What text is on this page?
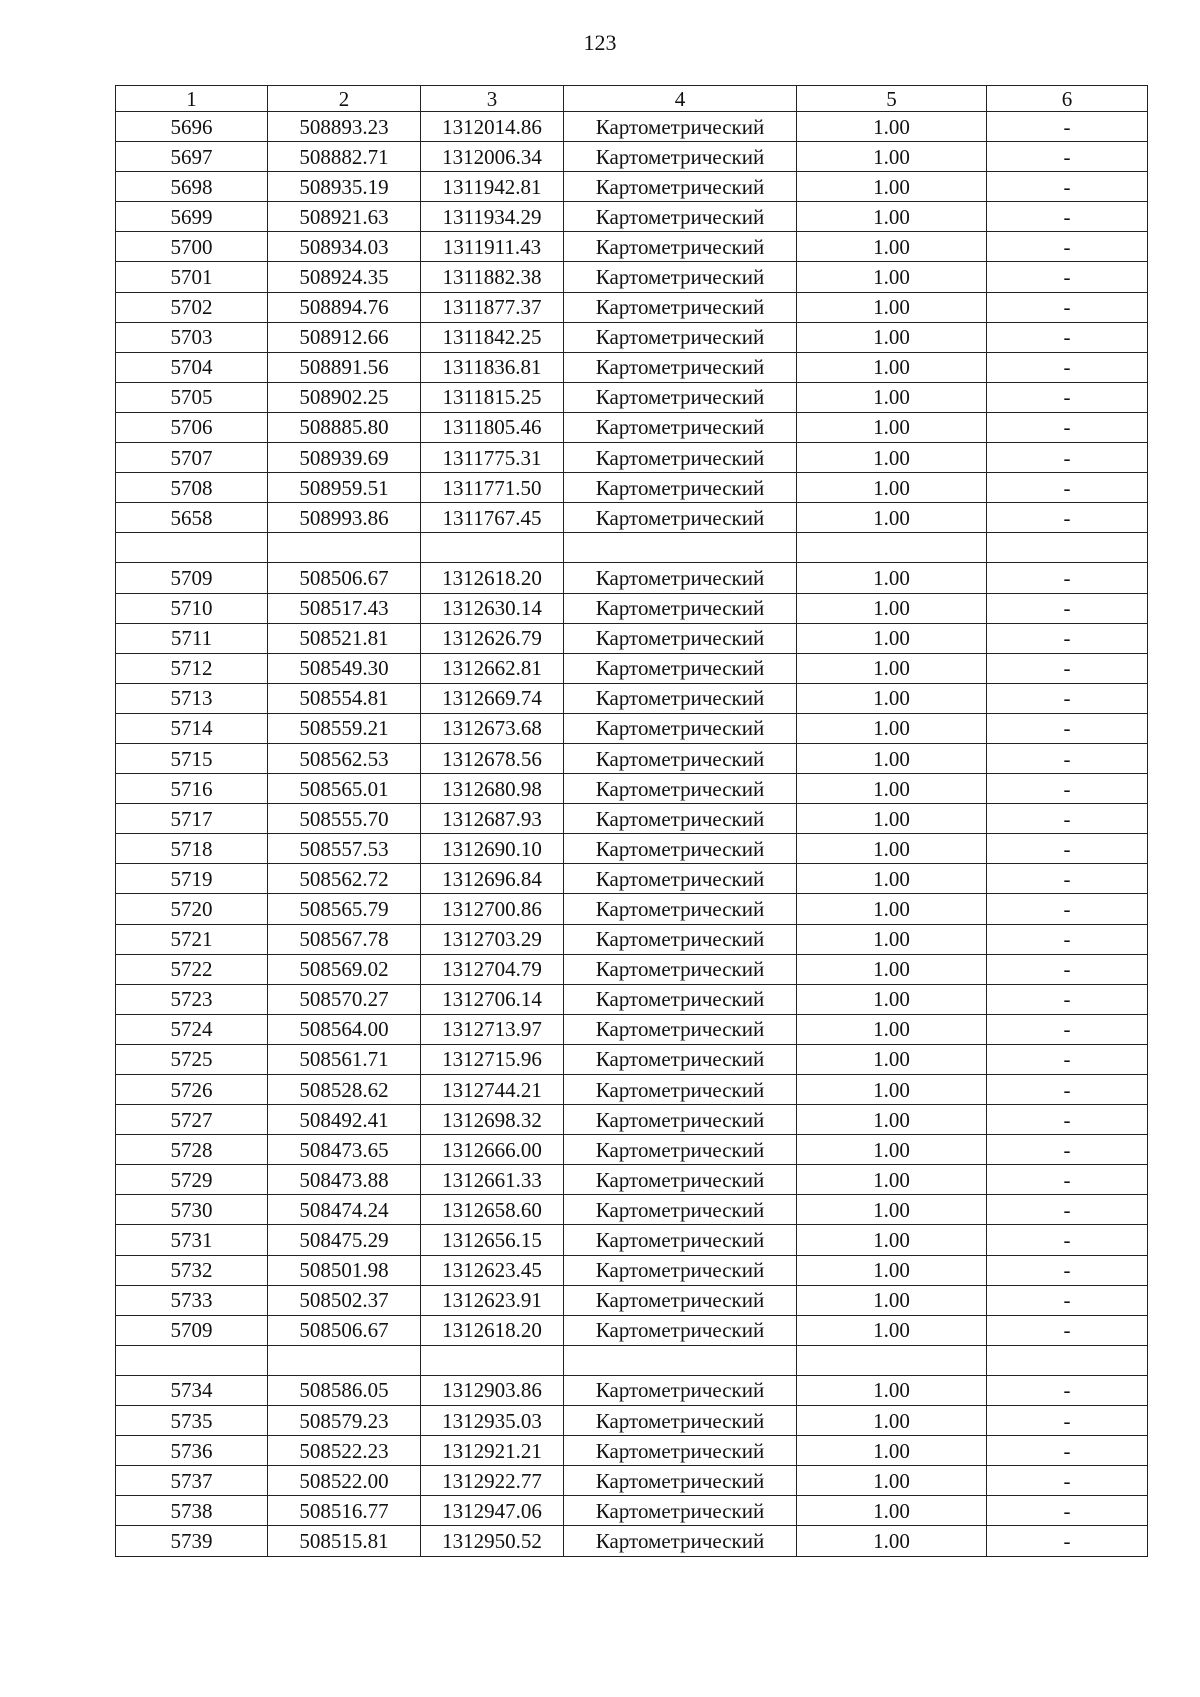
123
1	2	3	4	5	6
5696	508893.23	1312014.86	Картометрический	1.00	-
5697	508882.71	1312006.34	Картометрический	1.00	-
5698	508935.19	1311942.81	Картометрический	1.00	-
5699	508921.63	1311934.29	Картометрический	1.00	-
5700	508934.03	1311911.43	Картометрический	1.00	-
5701	508924.35	1311882.38	Картометрический	1.00	-
5702	508894.76	1311877.37	Картометрический	1.00	-
5703	508912.66	1311842.25	Картометрический	1.00	-
5704	508891.56	1311836.81	Картометрический	1.00	-
5705	508902.25	1311815.25	Картометрический	1.00	-
5706	508885.80	1311805.46	Картометрический	1.00	-
5707	508939.69	1311775.31	Картометрический	1.00	-
5708	508959.51	1311771.50	Картометрический	1.00	-
5658	508993.86	1311767.45	Картометрический	1.00	-

5709	508506.67	1312618.20	Картометрический	1.00	-
5710	508517.43	1312630.14	Картометрический	1.00	-
5711	508521.81	1312626.79	Картометрический	1.00	-
5712	508549.30	1312662.81	Картометрический	1.00	-
5713	508554.81	1312669.74	Картометрический	1.00	-
5714	508559.21	1312673.68	Картометрический	1.00	-
5715	508562.53	1312678.56	Картометрический	1.00	-
5716	508565.01	1312680.98	Картометрический	1.00	-
5717	508555.70	1312687.93	Картометрический	1.00	-
5718	508557.53	1312690.10	Картометрический	1.00	-
5719	508562.72	1312696.84	Картометрический	1.00	-
5720	508565.79	1312700.86	Картометрический	1.00	-
5721	508567.78	1312703.29	Картометрический	1.00	-
5722	508569.02	1312704.79	Картометрический	1.00	-
5723	508570.27	1312706.14	Картометрический	1.00	-
5724	508564.00	1312713.97	Картометрический	1.00	-
5725	508561.71	1312715.96	Картометрический	1.00	-
5726	508528.62	1312744.21	Картометрический	1.00	-
5727	508492.41	1312698.32	Картометрический	1.00	-
5728	508473.65	1312666.00	Картометрический	1.00	-
5729	508473.88	1312661.33	Картометрический	1.00	-
5730	508474.24	1312658.60	Картометрический	1.00	-
5731	508475.29	1312656.15	Картометрический	1.00	-
5732	508501.98	1312623.45	Картометрический	1.00	-
5733	508502.37	1312623.91	Картометрический	1.00	-
5709	508506.67	1312618.20	Картометрический	1.00	-

5734	508586.05	1312903.86	Картометрический	1.00	-
5735	508579.23	1312935.03	Картометрический	1.00	-
5736	508522.23	1312921.21	Картометрический	1.00	-
5737	508522.00	1312922.77	Картометрический	1.00	-
5738	508516.77	1312947.06	Картометрический	1.00	-
5739	508515.81	1312950.52	Картометрический	1.00	-
